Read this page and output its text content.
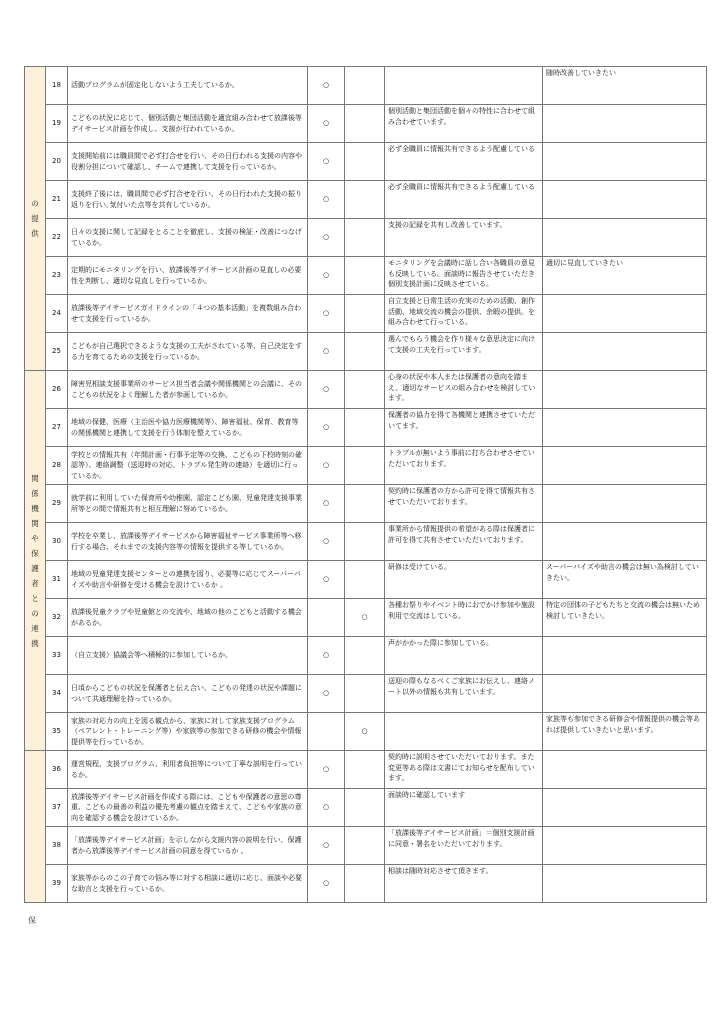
の提供	18	活動プログラムが固定化しないよう工夫しているか。	○			随時改善していきたい
	19	こどもの状況に応じて、個別活動と集団活動を適宜組み合わせて放課後等デイサービス計画を作成し、支援が行われているか。	○		個別活動と集団活動を個々の特性に合わせて組み合わせています。	
	20	支援開始前には職員間で必ず打合せを行い、その日行われる支援の内容や役割分担について確認し、チームで連携して支援を行っているか。	○		必ず全職員に情報共有できるよう配慮している	
	21	支援終了後には、職員間で必ず打合せを行い、その日行われた支援の振り返りを行い､気付いた点等を共有しているか。	○		必ず全職員に情報共有できるよう配慮している	
	22	日々の支援に関して記録をとることを徹底し、支援の検証・改善につなげているか。	○		支援の記録を共有し改善しています。	
	23	定期的にモニタリングを行い、放課後等デイサービス計画の見直しの必要性を判断し、適切な見直しを行っているか。	○		モニタリングを会議時に話し合い各職員の意見も反映している。面談時に報告させていただき個別支援計画に反映させている。	適切に見直していきたい
	24	放課後等デイサービスガイドラインの「４つの基本活動」を複数組み合わせて支援を行っているか。	○		自立支援と日常生活の充実のための活動、創作活動、地域交流の機会の提供、余暇の提供。を組み合わせて行っている。	
	25	こどもが自己選択できるような支援の工夫がされている等、自己決定をする力を育てるための支援を行っているか。	○		選んでもらう機会を作り様々な意思決定に向けて支援の工夫を行っています。	
関係機関や保護者との連携	26	障害児相談支援事業所のサービス担当者会議や関係機関との会議に、そのこどもの状況をよく理解した者が参画しているか。	○		心身の状況や本人または保護者の意向を踏まえ、適切なサービスの組み合わせを検討しています。	
	27	地域の保健、医療（主治医や協力医療機関等）、障害福祉、保育、教育等の関係機関と連携して支援を行う体制を整えているか。	○		保護者の協力を得て各機関と連携させていただいてます。	
	28	学校との情報共有（年間計画・行事予定等の交換、こどもの下校時刻の確認等）、連絡調整（送迎時の対応、トラブル発生時の連絡）を適切に行っているか。	○		トラブルが無いよう事前に打ち合わせさせていただいております。	
	29	就学前に利用していた保育所や幼稚園、認定こども園、児童発達支援事業所等との間で情報共有と相互理解に努めているか。	○		契約時に保護者の方から許可を得て情報共有させていただいております。	
	30	学校を卒業し、放課後等デイサービスから障害福祉サービス事業所等へ移行する場合、それまでの支援内容等の情報を提供する等しているか。	○		事業所から情報提供の希望がある際は保護者に許可を得て共有させていただいております。	
	31	地域の児童発達支援センターとの連携を図り、必要等に応じてスーパーバイズや助言や研修を受ける機会を設けているか 。	○		研修は受けている。	スーパーバイズや助言の機会は無い為検討していきたい。
	32	放課後児童クラブや児童館との交流や、地域の他のこどもと活動する機会があるか。		○	各種お祭りやイベント時におでかけ参加や施設利用で交流はしている。	特定の団体の子どもたちと交流の機会は無いため検討していきたい。
	33	（自立支援）協議会等へ積極的に参加しているか。	○		声がかかった際に参加している。	
	34	日頃からこどもの状況を保護者と伝え合い、こどもの発達の状況や課題について共通理解を持っているか。	○		送迎の際もなるべくご家族にお伝えし、連絡ノート以外の情報も共有しています。	
	35	家族の対応力の向上を図る観点から、家族に対して家族支援プログラム（ペアレント・トレーニング等）や家族等の参加できる研修の機会や情報提供等を行っているか。		○		家族等も参加できる研修会や情報提供の機会等あれば提供していきたいと思います。
	36	運営規程、支援プログラム、利用者負担等について丁寧な説明を行っているか。	○		契約時に説明させていただいております。また変更等ある際は文書にてお知らせを配布しています。	
	37	放課後等デイサービス計画を作成する際には、こどもや保護者の意思の尊重、こどもの最善の利益の優先考慮の観点を踏まえて、こどもや家族の意向を確認する機会を設けているか。	○		面談時に確認しています	
	38	「放課後等デイサービス計画」を示しながら支援内容の説明を行い、保護者から放課後等デイサービス計画の同意を得ているか 。	○		「放課後等デイサービス計画」＝個別支援計画に同意・署名をいただいております。	
	39	家族等からのこの子育ての悩み等に対する相談に適切に応じ、面談や必要な助言と支援を行っているか。	○		相談は随時対応させて頂きます。	
保
